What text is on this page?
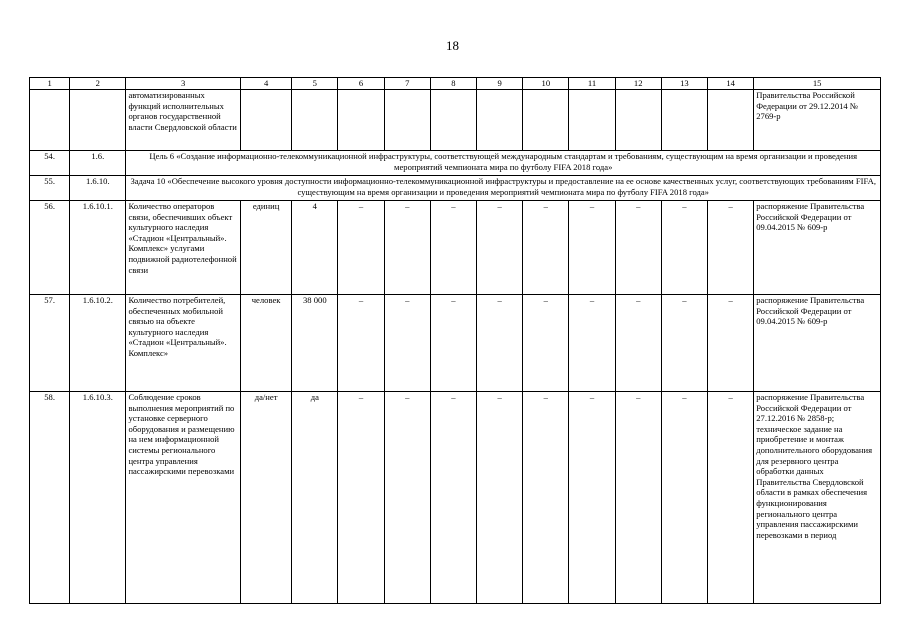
18
1	2	3	4	5	6	7	8	9	10	11	12	13	14	15
		автоматизированных функций исполнительных органов государственной власти Свердловской области												Правительства Российской Федерации от 29.12.2014 № 2769-р
54.	1.6.	Цель 6 «Создание информационно-телекоммуникационной инфраструктуры, соответствующей международным стандартам и требованиям, существующим на время организации и проведения мероприятий чемпионата мира по футболу FIFA 2018 года»												
55.	1.6.10.	Задача 10 «Обеспечение высокого уровня доступности информационно-телекоммуникационной инфраструктуры и предоставление на ее основе качественных услуг, соответствующих требованиям FIFA, существующим на время организации и проведения мероприятий чемпионата мира по футболу FIFA 2018 года»												
56.	1.6.10.1.	Количество операторов связи, обеспечивших объект культурного наследия «Стадион «Центральный». Комплекс» услугами подвижной радиотелефонной связи	единиц	4	–	–	–	–	–	–	–	–	–	распоряжение Правительства Российской Федерации от 09.04.2015 № 609-р
57.	1.6.10.2.	Количество потребителей, обеспеченных мобильной связью на объекте культурного наследия «Стадион «Центральный». Комплекс»	человек	38 000	–	–	–	–	–	–	–	–	–	распоряжение Правительства Российской Федерации от 09.04.2015 № 609-р
58.	1.6.10.3.	Соблюдение сроков выполнения мероприятий по установке серверного оборудования и размещению на нем информационной системы регионального центра управления пассажирскими перевозками	да/нет	да	–	–	–	–	–	–	–	–	–	распоряжение Правительства Российской Федерации от 27.12.2016 № 2858-р; техническое задание на приобретение и монтаж дополнительного оборудования для резервного центра обработки данных Правительства Свердловской области в рамках обеспечения функционирования регионального центра управления пассажирскими перевозками в период
